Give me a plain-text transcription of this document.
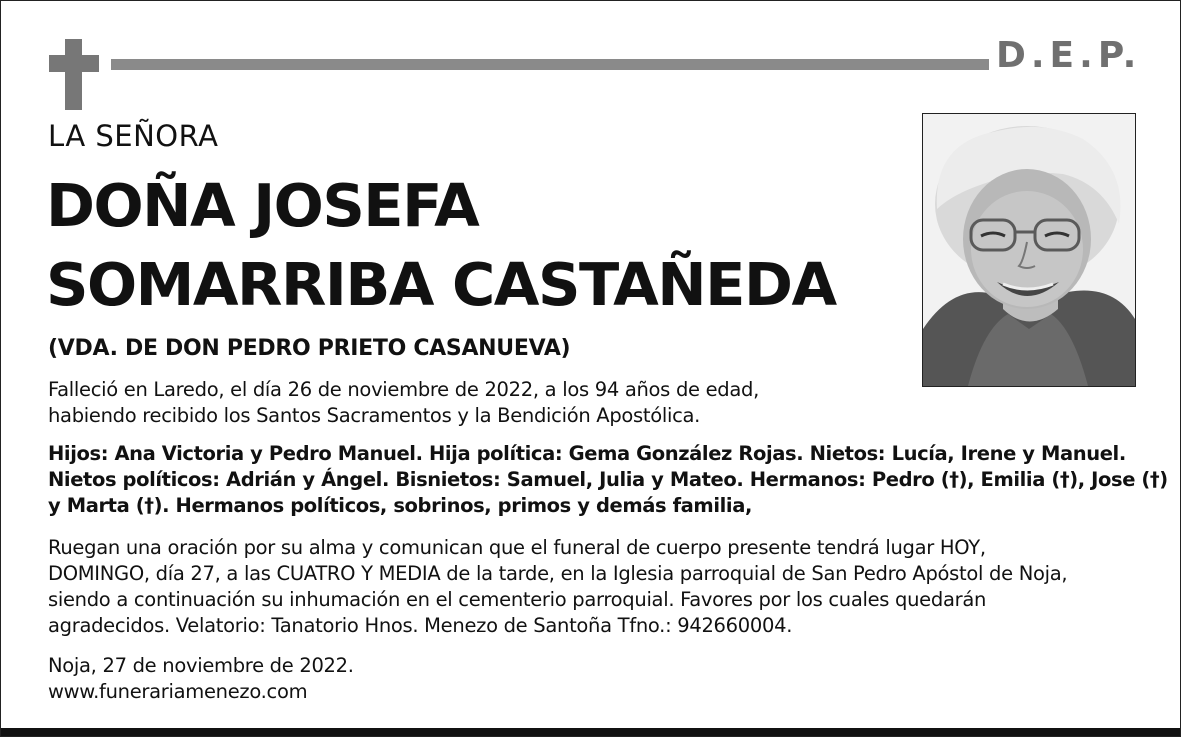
D.E.P.
LA SEÑORA
DOÑA JOSEFA
SOMARRIBA CASTAÑEDA
(VDA. DE DON PEDRO PRIETO CASANUEVA)
Falleció en Laredo, el día 26 de noviembre de 2022, a los 94 años de edad,
habiendo recibido los Santos Sacramentos y la Bendición Apostólica.
Hijos: Ana Victoria y Pedro Manuel. Hija política: Gema González Rojas. Nietos: Lucía, Irene y Manuel.
Nietos políticos: Adrián y Ángel. Bisnietos: Samuel, Julia y Mateo. Hermanos: Pedro (†), Emilia (†), Jose (†)
y Marta (†). Hermanos políticos, sobrinos, primos y demás familia,
Ruegan una oración por su alma y comunican que el funeral de cuerpo presente tendrá lugar HOY,
DOMINGO, día 27, a las CUATRO Y MEDIA de la tarde, en la Iglesia parroquial de San Pedro Apóstol de Noja,
siendo a continuación su inhumación en el cementerio parroquial. Favores por los cuales quedarán
agradecidos. Velatorio: Tanatorio Hnos. Menezo de Santoña Tfno.: 942660004.
Noja, 27 de noviembre de 2022.
www.funerariamenezo.com
